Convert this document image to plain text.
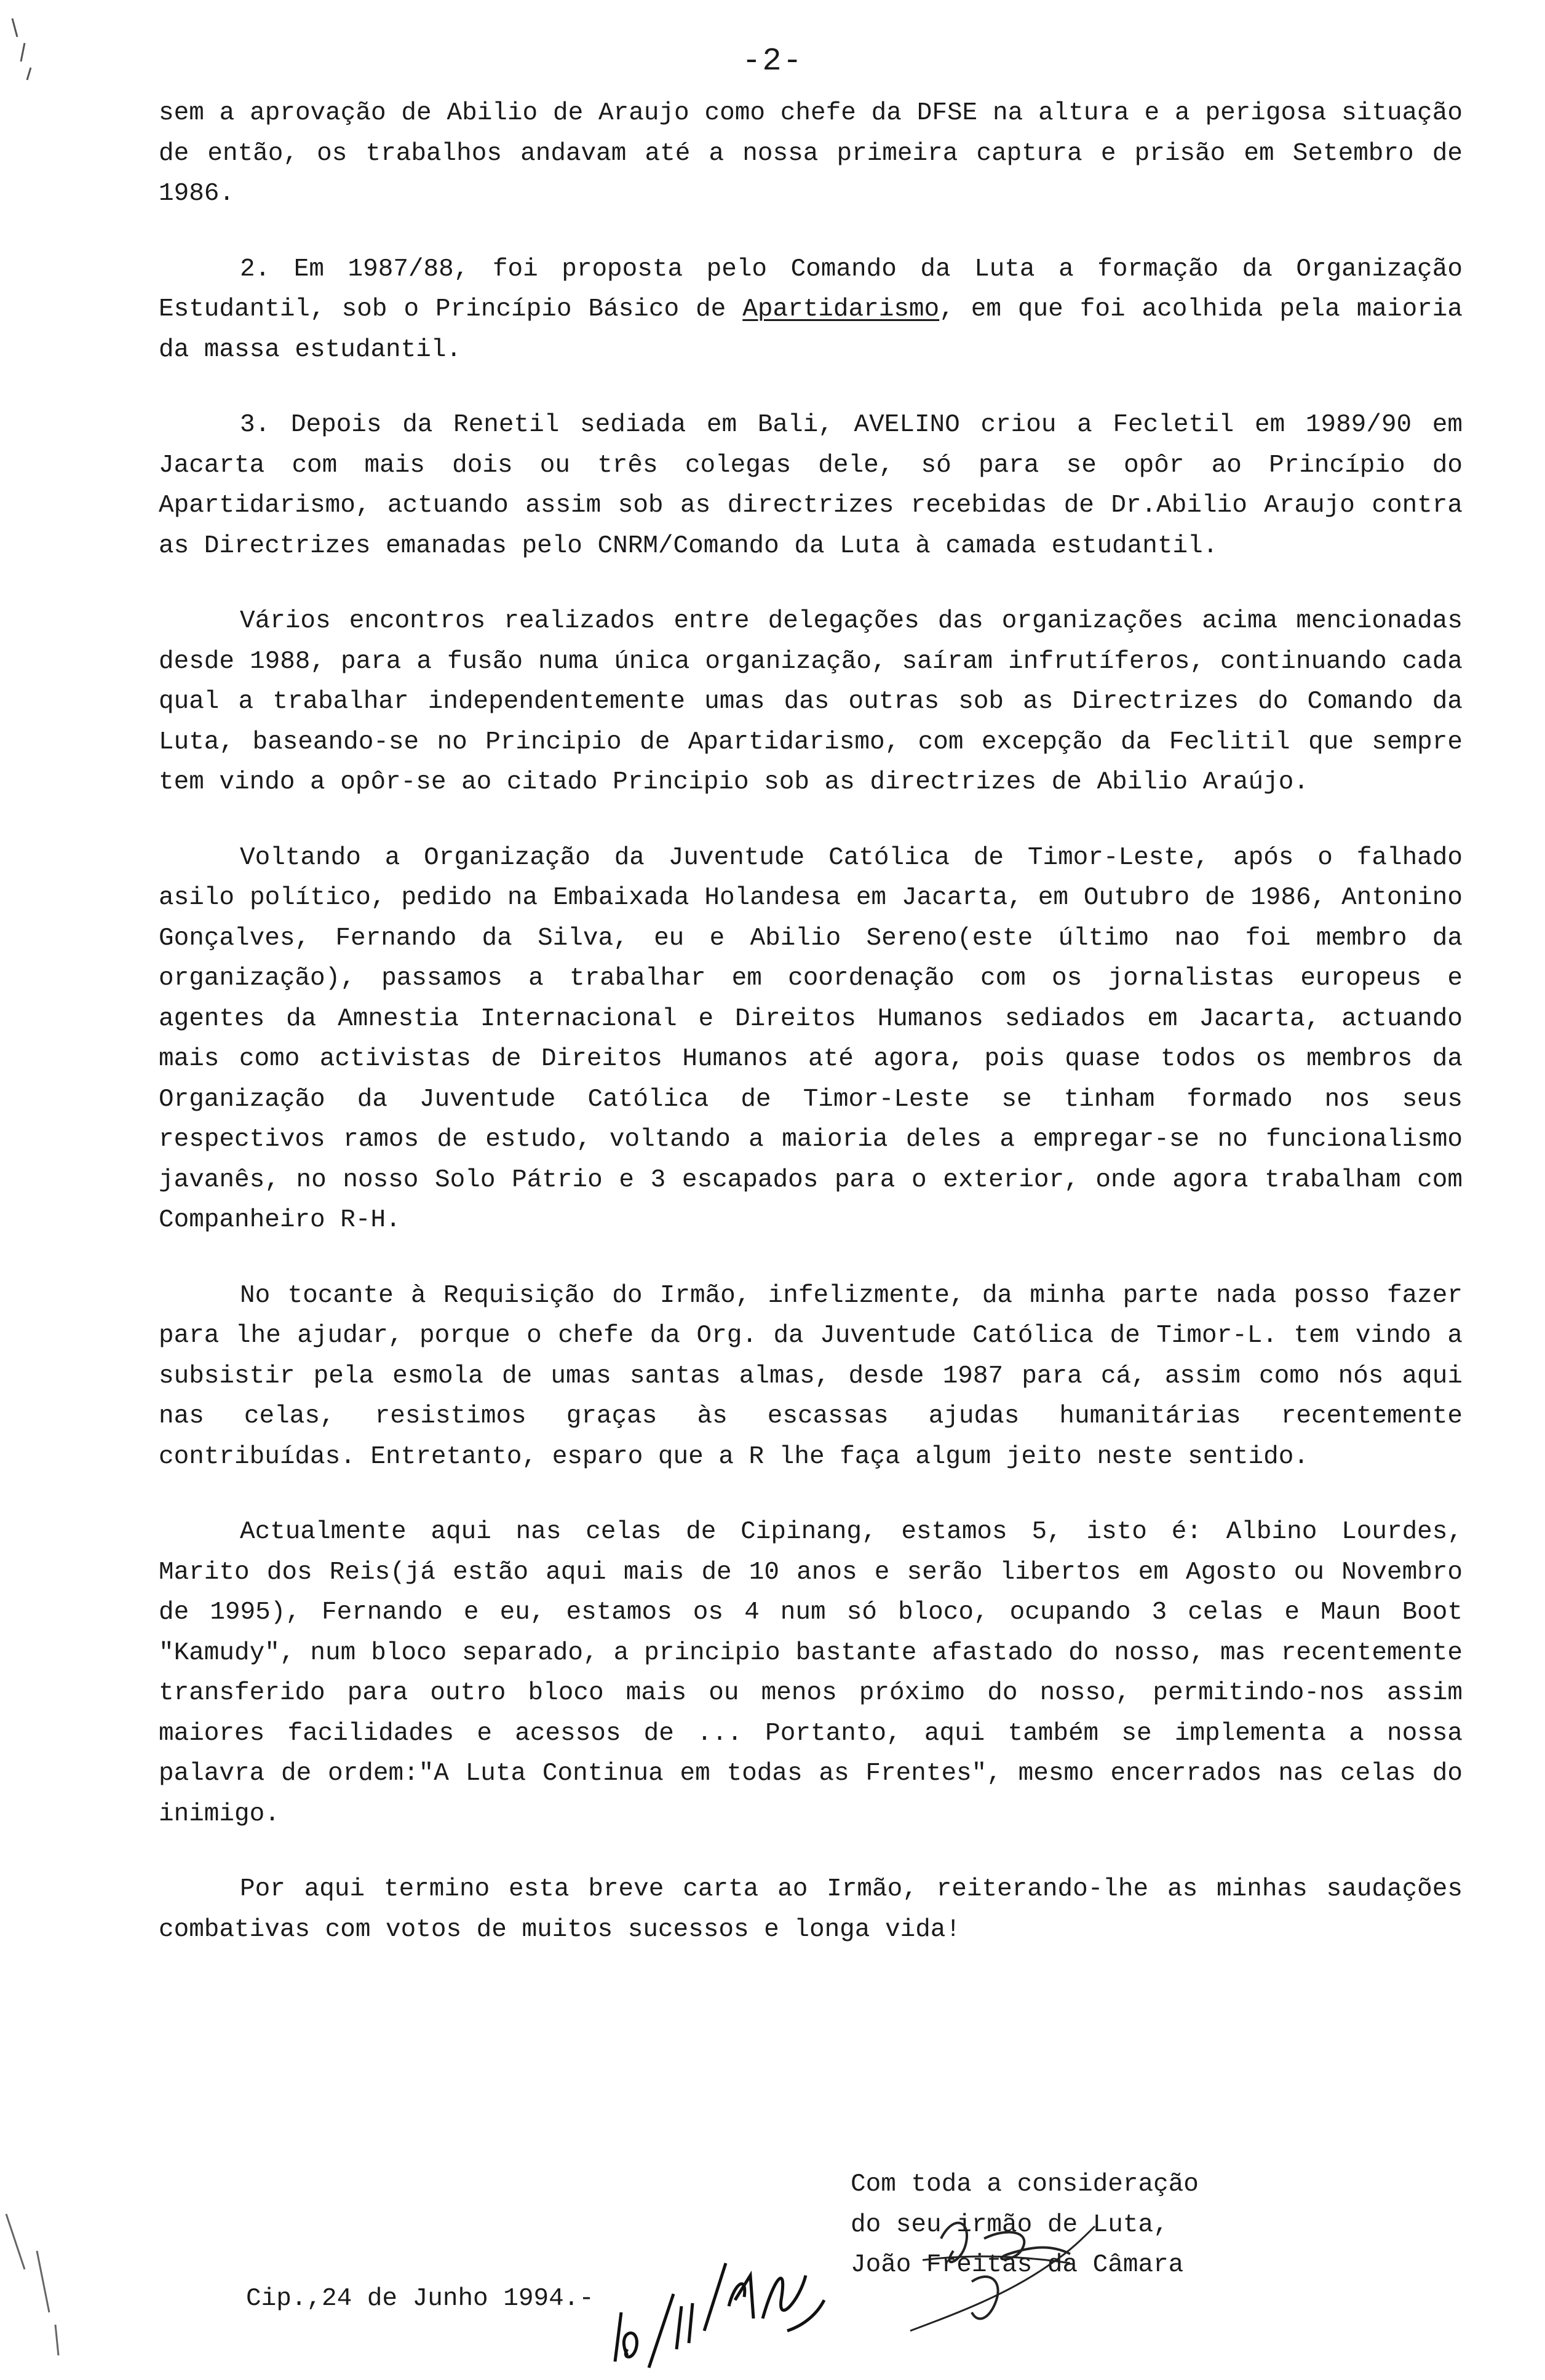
-2-

sem a aprovação de Abilio de Araujo como chefe da DFSE na altura e a perigosa situação de então, os trabalhos andavam até a nossa primeira captura e prisão em Setembro de 1986.

2. Em 1987/88, foi proposta pelo Comando da Luta a formação da Organização Estudantil, sob o Princípio Básico de Apartidarismo, em que foi acolhida pela maioria da massa estudantil.

3. Depois da Renetil sediada em Bali, AVELINO criou a Fecletil em 1989/90 em Jacarta com mais dois ou três colegas dele, só para se opôr ao Princípio do Apartidarismo, actuando assim sob as directrizes recebidas de Dr.Abilio Araujo contra as Directrizes emanadas pelo CNRM/Comando da Luta à camada estudantil.

Vários encontros realizados entre delegações das organizações acima mencionadas desde 1988, para a fusão numa única organização, saíram infrutíferos, continuando cada qual a trabalhar independentemente umas das outras sob as Directrizes do Comando da Luta, baseando-se no Principio de Apartidarismo, com excepção da Feclitil que sempre tem vindo a opôr-se ao citado Principio sob as directrizes de Abilio Araújo.

Voltando a Organização da Juventude Católica de Timor-Leste, após o falhado asilo político, pedido na Embaixada Holandesa em Jacarta, em Outubro de 1986, Antonino Gonçalves, Fernando da Silva, eu e Abilio Sereno(este último nao foi membro da organização), passamos a trabalhar em coordenação com os jornalistas europeus e agentes da Amnestia Internacional e Direitos Humanos sediados em Jacarta, actuando mais como activistas de Direitos Humanos até agora, pois quase todos os membros da Organização da Juventude Católica de Timor-Leste se tinham formado nos seus respectivos ramos de estudo, voltando a maioria deles a empregar-se no funcionalismo javanês, no nosso Solo Pátrio e 3 escapados para o exterior, onde agora trabalham com Companheiro R-H.

No tocante à Requisição do Irmão, infelizmente, da minha parte nada posso fazer para lhe ajudar, porque o chefe da Org. da Juventude Católica de Timor-L. tem vindo a subsistir pela esmola de umas santas almas, desde 1987 para cá, assim como nós aqui nas celas, resistimos graças às escassas ajudas humanitárias recentemente contribuídas. Entretanto, esparo que a R lhe faça algum jeito neste sentido.

Actualmente aqui nas celas de Cipinang, estamos 5, isto é: Albino Lourdes, Marito dos Reis(já estão aqui mais de 10 anos e serão libertos em Agosto ou Novembro de 1995), Fernando e eu, estamos os 4 num só bloco, ocupando 3 celas e Maun Boot "Kamudy", num bloco separado, a principio bastante afastado do nosso, mas recentemente transferido para outro bloco mais ou menos próximo do nosso, permitindo-nos assim maiores facilidades e acessos de ... Portanto, aqui também se implementa a nossa palavra de ordem:"A Luta Continua em todas as Frentes", mesmo encerrados nas celas do inimigo.

Por aqui termino esta breve carta ao Irmão, reiterando-lhe as minhas saudações combativas com votos de muitos sucessos e longa vida!

Com toda a consideração
do seu irmão de Luta,
João Freitas da Câmara
Cip.,24 de Junho 1994.-
